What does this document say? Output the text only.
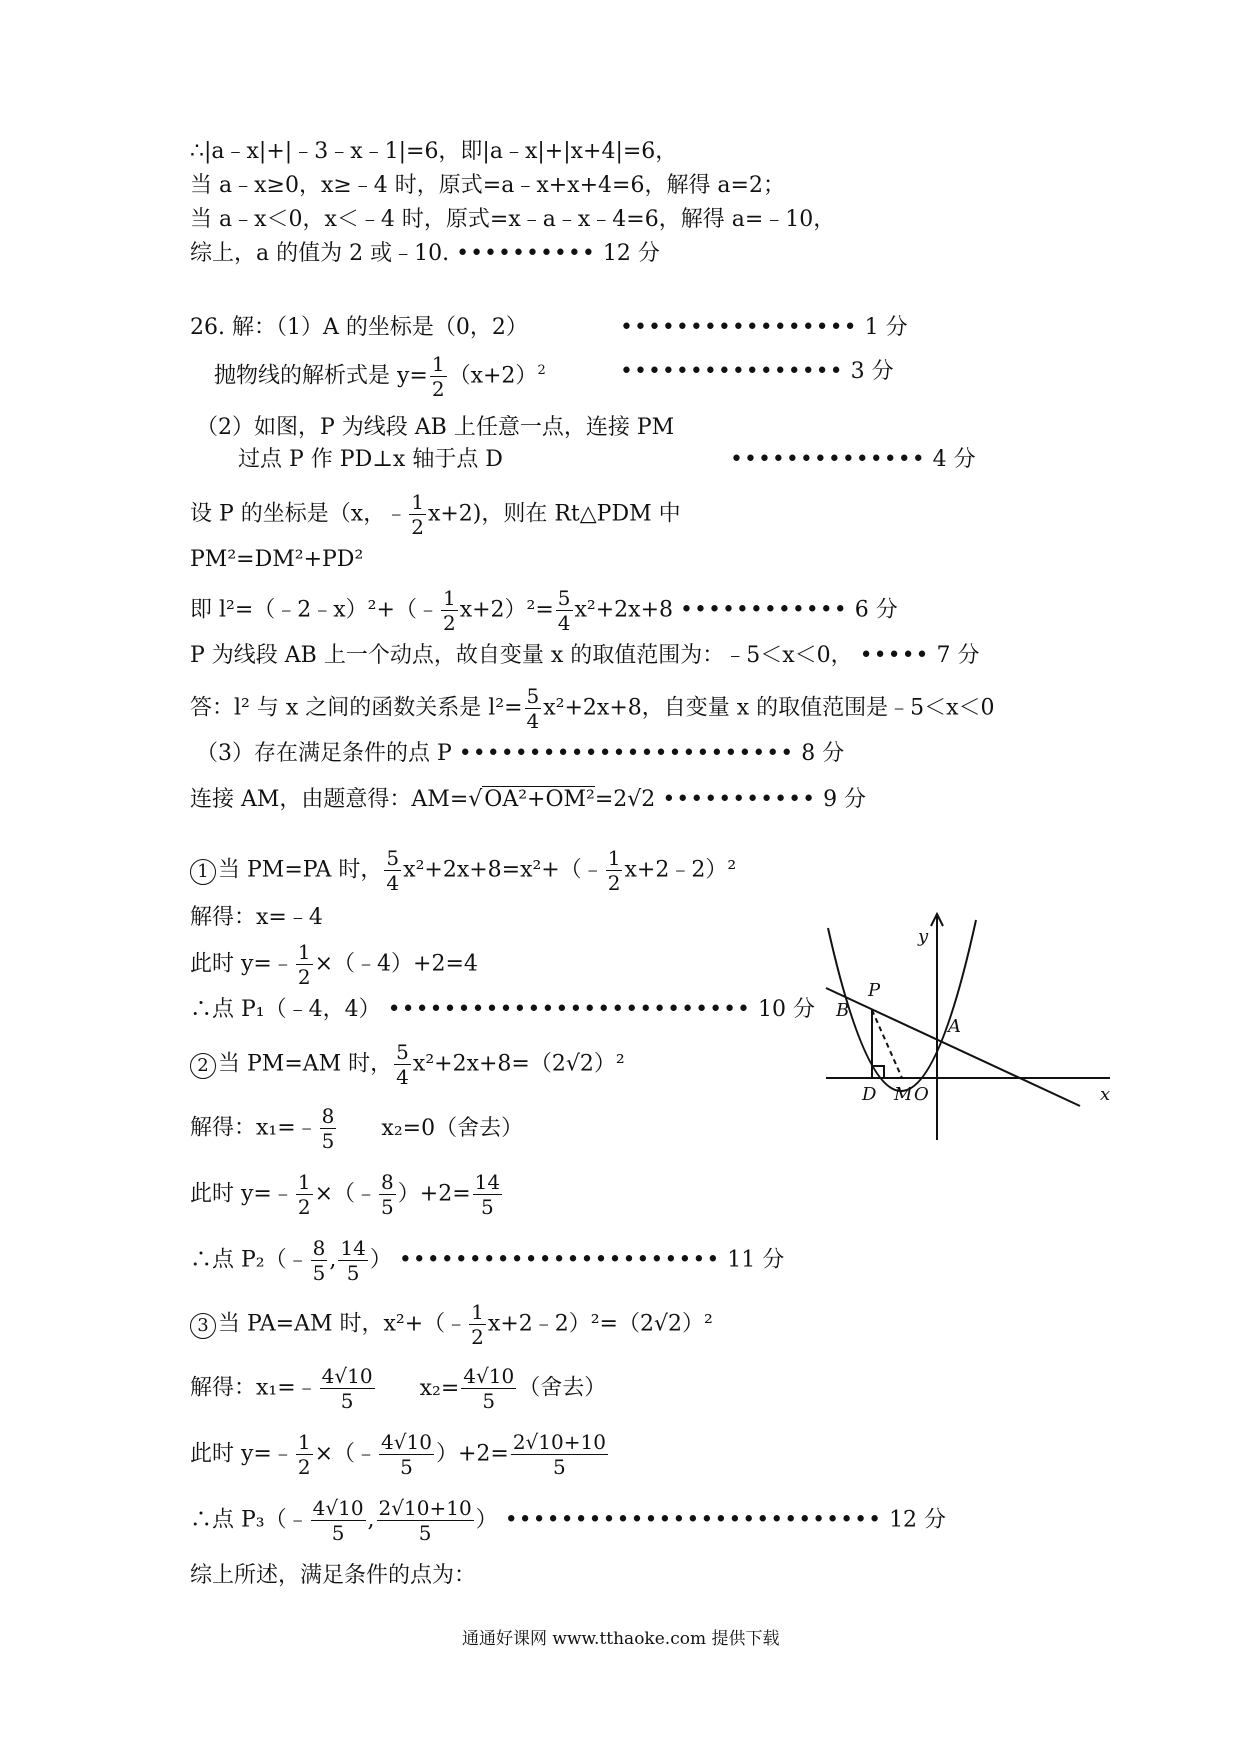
∴|a﹣x|+|﹣3﹣x﹣1|=6，即|a﹣x|+|x+4|=6，
当 a﹣x≥0，x≥﹣4 时，原式=a﹣x+x+4=6，解得 a=2；
当 a﹣x＜0，x＜﹣4 时，原式=x﹣a﹣x﹣4=6，解得 a=﹣10，
综上，a 的值为 2 或﹣10. •••••••••• 12 分
26. 解：（1）A 的坐标是（0，2）	••••••••••••••••• 1 分
抛物线的解析式是 $y= \frac{1}{2} (x+2)^2$	•••••••••••••••• 3 分
（2）如图，P 为线段 AB 上任意一点，连接 PM
过点 P 作 PD⊥x 轴于点 D	•••••••••••••• 4 分
设 P 的坐标是（x，﹣ $\frac{1}{2} x+2$)，则在 Rt△PDM 中
PM²=DM²+PD²
即 l²=（﹣2﹣x）²+（﹣ $\frac{1}{2} x+2)^2= \frac{5}{4} x^2+2x+8$ •••••••••••• 6 分
P 为线段 AB 上一个动点，故自变量 x 的取值范围为：﹣5＜x＜0， ••••• 7 分
答：l² 与 x 之间的函数关系是 $l^2= \frac{5}{4} x^2+2x+8$，自变量 x 的取值范围是﹣5＜x＜0
（3）存在满足条件的点 P •••••••••••••••••••••••• 8 分
连接 AM，由题意得：AM=√OA²+OM²=2√2 ••••••••••• 9 分
1 当 PM=PA 时， $\frac{5}{4}$ x²+2x+8=x²+（﹣ $\frac{1}{2}$ x+2﹣2）²
解得：x=﹣4
此时 y=﹣ $\frac{1}{2}$ ×（﹣4）+2=4
∴点 P₁（﹣4，4） •••••••••••••••••••••••••• 10 分
2 当 PM=AM 时， $\frac{5}{4} x^2+2x+8=(2√2)^2$
解得：x₁=﹣ $\frac{8}{5} x_2=0$（舍去）
此时 y=﹣ $\frac{1}{2}$ ×（﹣ $\frac{8}{5} )+2= \frac{14}{5}$
∴点 P₂（﹣ $\frac{8}{5}$ , $\frac{14}{5}$ ） ••••••••••••••••••••••• 11 分
3 当 PA=AM 时，x²+（﹣ $\frac{1}{2}$ x+2﹣2）²=（2√2）²
解得：x₁=﹣ $\frac{4√10}{5} x_2= \frac{4√10}{5}$ （舍去）
此时 y=﹣ $\frac{1}{2}$ ×（﹣ $\frac{4√10}{5} )+2= \frac{2√10+10}{5}$
∴点 P₃（﹣ $\frac{4√10}{5}$ , $\frac{2√10+10}{5}$ ） ••••••••••••••••••••••••••• 12 分
综上所述，满足条件的点为：
y
x
P
B
A
D M O
通通好课网 www.tthaoke.com 提供下载
